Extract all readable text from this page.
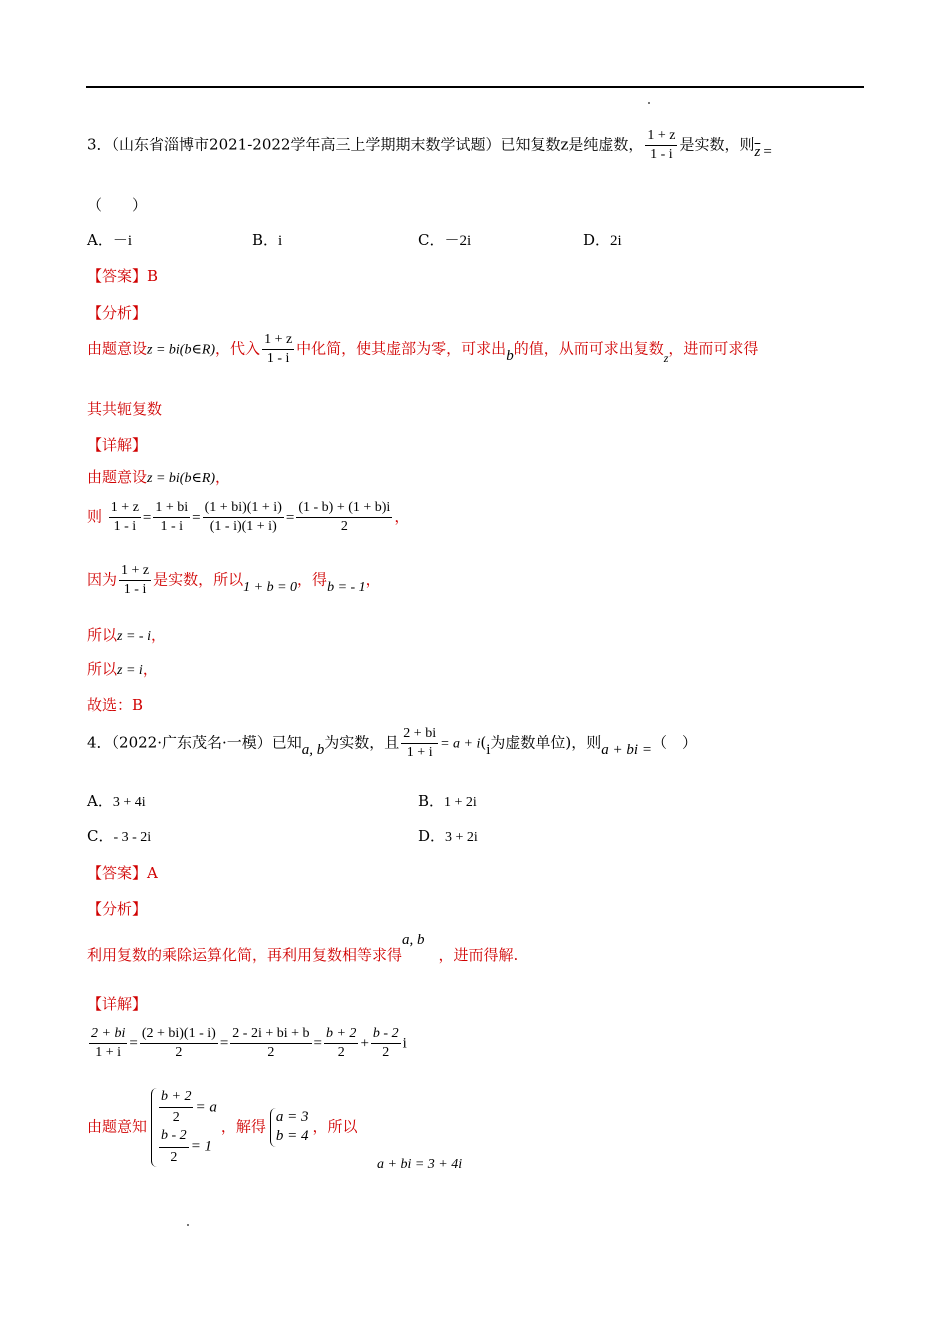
3．（山东省淄博市2021-2022学年高三上学期期末数学试题）已知复数z是纯虚数， $\frac{1 + z}{1 - i}$ 是实数，则$\overline{z}$ =
（　　）
A．－i	B．i	C．－2i	D．2i
【答案】B
【分析】
由题意设z = bi(b∈R)，代入 $\frac{1 + z}{1 - i}$ 中化简，使其虚部为零，可求出b的值，从而可求出复数$_z$，进而可求得
其共轭复数
【详解】
由题意设z = bi(b∈R)，
则 $\frac{1 + z}{1 - i} = \frac{1 + bi}{1 - i} = \frac{(1 + bi)(1 + i)}{(1 - i)(1 + i)} = \frac{(1 - b) + (1 + b)i}{2}$ ，
因为 $\frac{1 + z}{1 - i}$ 是实数，所以1 + b = 0，得b = - 1，
所以z = - i，
所以z = i，
故选：B
4．（2022·广东茂名·一模）已知a, b为实数，且 $\frac{2 + bi}{1 + i} = a + i(i$为虚数单位)，则a + bi =（　）
A．3 + 4i	B．1 + 2i
C．- 3 - 2i	D．3 + 2i
【答案】A
【分析】
利用复数的乘除运算化简，再利用复数相等求得a, b，进而得解.
【详解】
$\frac{2 + bi}{1 + i} = \frac{(2 + bi)(1 - i)}{2} = \frac{2 - 2i + bi + b}{2} = \frac{b + 2}{2} + \frac{b - 2}{2}$ i
由题意知 $\frac{b + 2}{2} = a$
$\frac{b - 2}{2} = 1$
，解得
a = 3
b = 4
，所以
a + bi = 3 + 4i
